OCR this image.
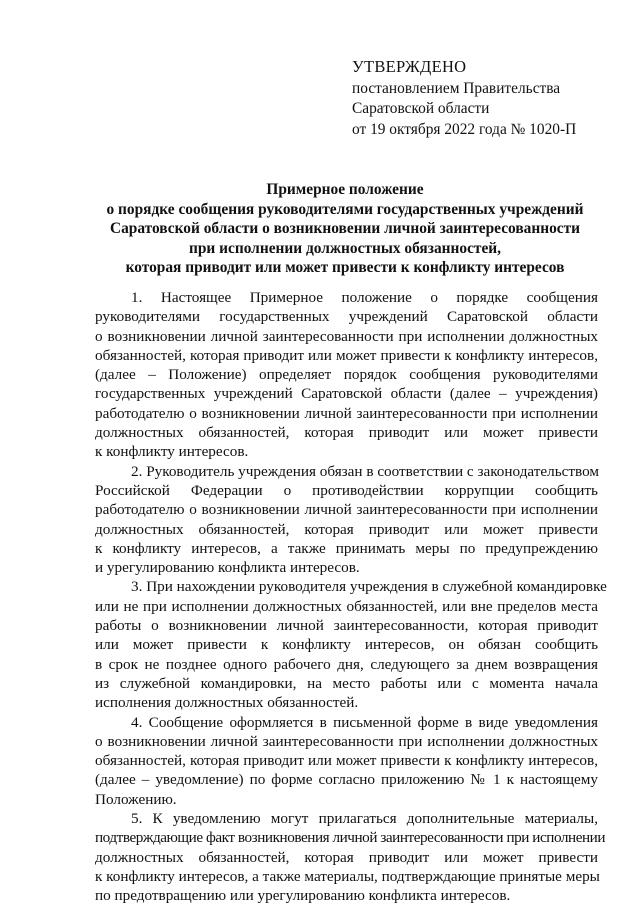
УТВЕРЖДЕНО
постановлением Правительства
Саратовской области
от 19 октября 2022 года № 1020-П
Примерное положение
о порядке сообщения руководителями государственных учреждений
Саратовской области о возникновении личной заинтересованности
при исполнении должностных обязанностей,
которая приводит или может привести к конфликту интересов

1. Настоящее Примерное положение о порядке сообщения
руководителями государственных учреждений Саратовской области
о возникновении личной заинтересованности при исполнении должностных
обязанностей, которая приводит или может привести к конфликту интересов,
(далее – Положение) определяет порядок сообщения руководителями
государственных учреждений Саратовской области (далее – учреждения)
работодателю о возникновении личной заинтересованности при исполнении
должностных обязанностей, которая приводит или может привести
к конфликту интересов.

2. Руководитель учреждения обязан в соответствии с законодательством
Российской Федерации о противодействии коррупции сообщить
работодателю о возникновении личной заинтересованности при исполнении
должностных обязанностей, которая приводит или может привести
к конфликту интересов, а также принимать меры по предупреждению
и урегулированию конфликта интересов.

3. При нахождении руководителя учреждения в служебной командировке
или не при исполнении должностных обязанностей, или вне пределов места
работы о возникновении личной заинтересованности, которая приводит
или может привести к конфликту интересов, он обязан сообщить
в срок не позднее одного рабочего дня, следующего за днем возвращения
из служебной командировки, на место работы или с момента начала
исполнения должностных обязанностей.

4. Сообщение оформляется в письменной форме в виде уведомления
о возникновении личной заинтересованности при исполнении должностных
обязанностей, которая приводит или может привести к конфликту интересов,
(далее – уведомление) по форме согласно приложению № 1 к настоящему
Положению.

5. К уведомлению могут прилагаться дополнительные материалы,
подтверждающие факт возникновения личной заинтересованности при исполнении
должностных обязанностей, которая приводит или может привести
к конфликту интересов, а также материалы, подтверждающие принятые меры
по предотвращению или урегулированию конфликта интересов.
